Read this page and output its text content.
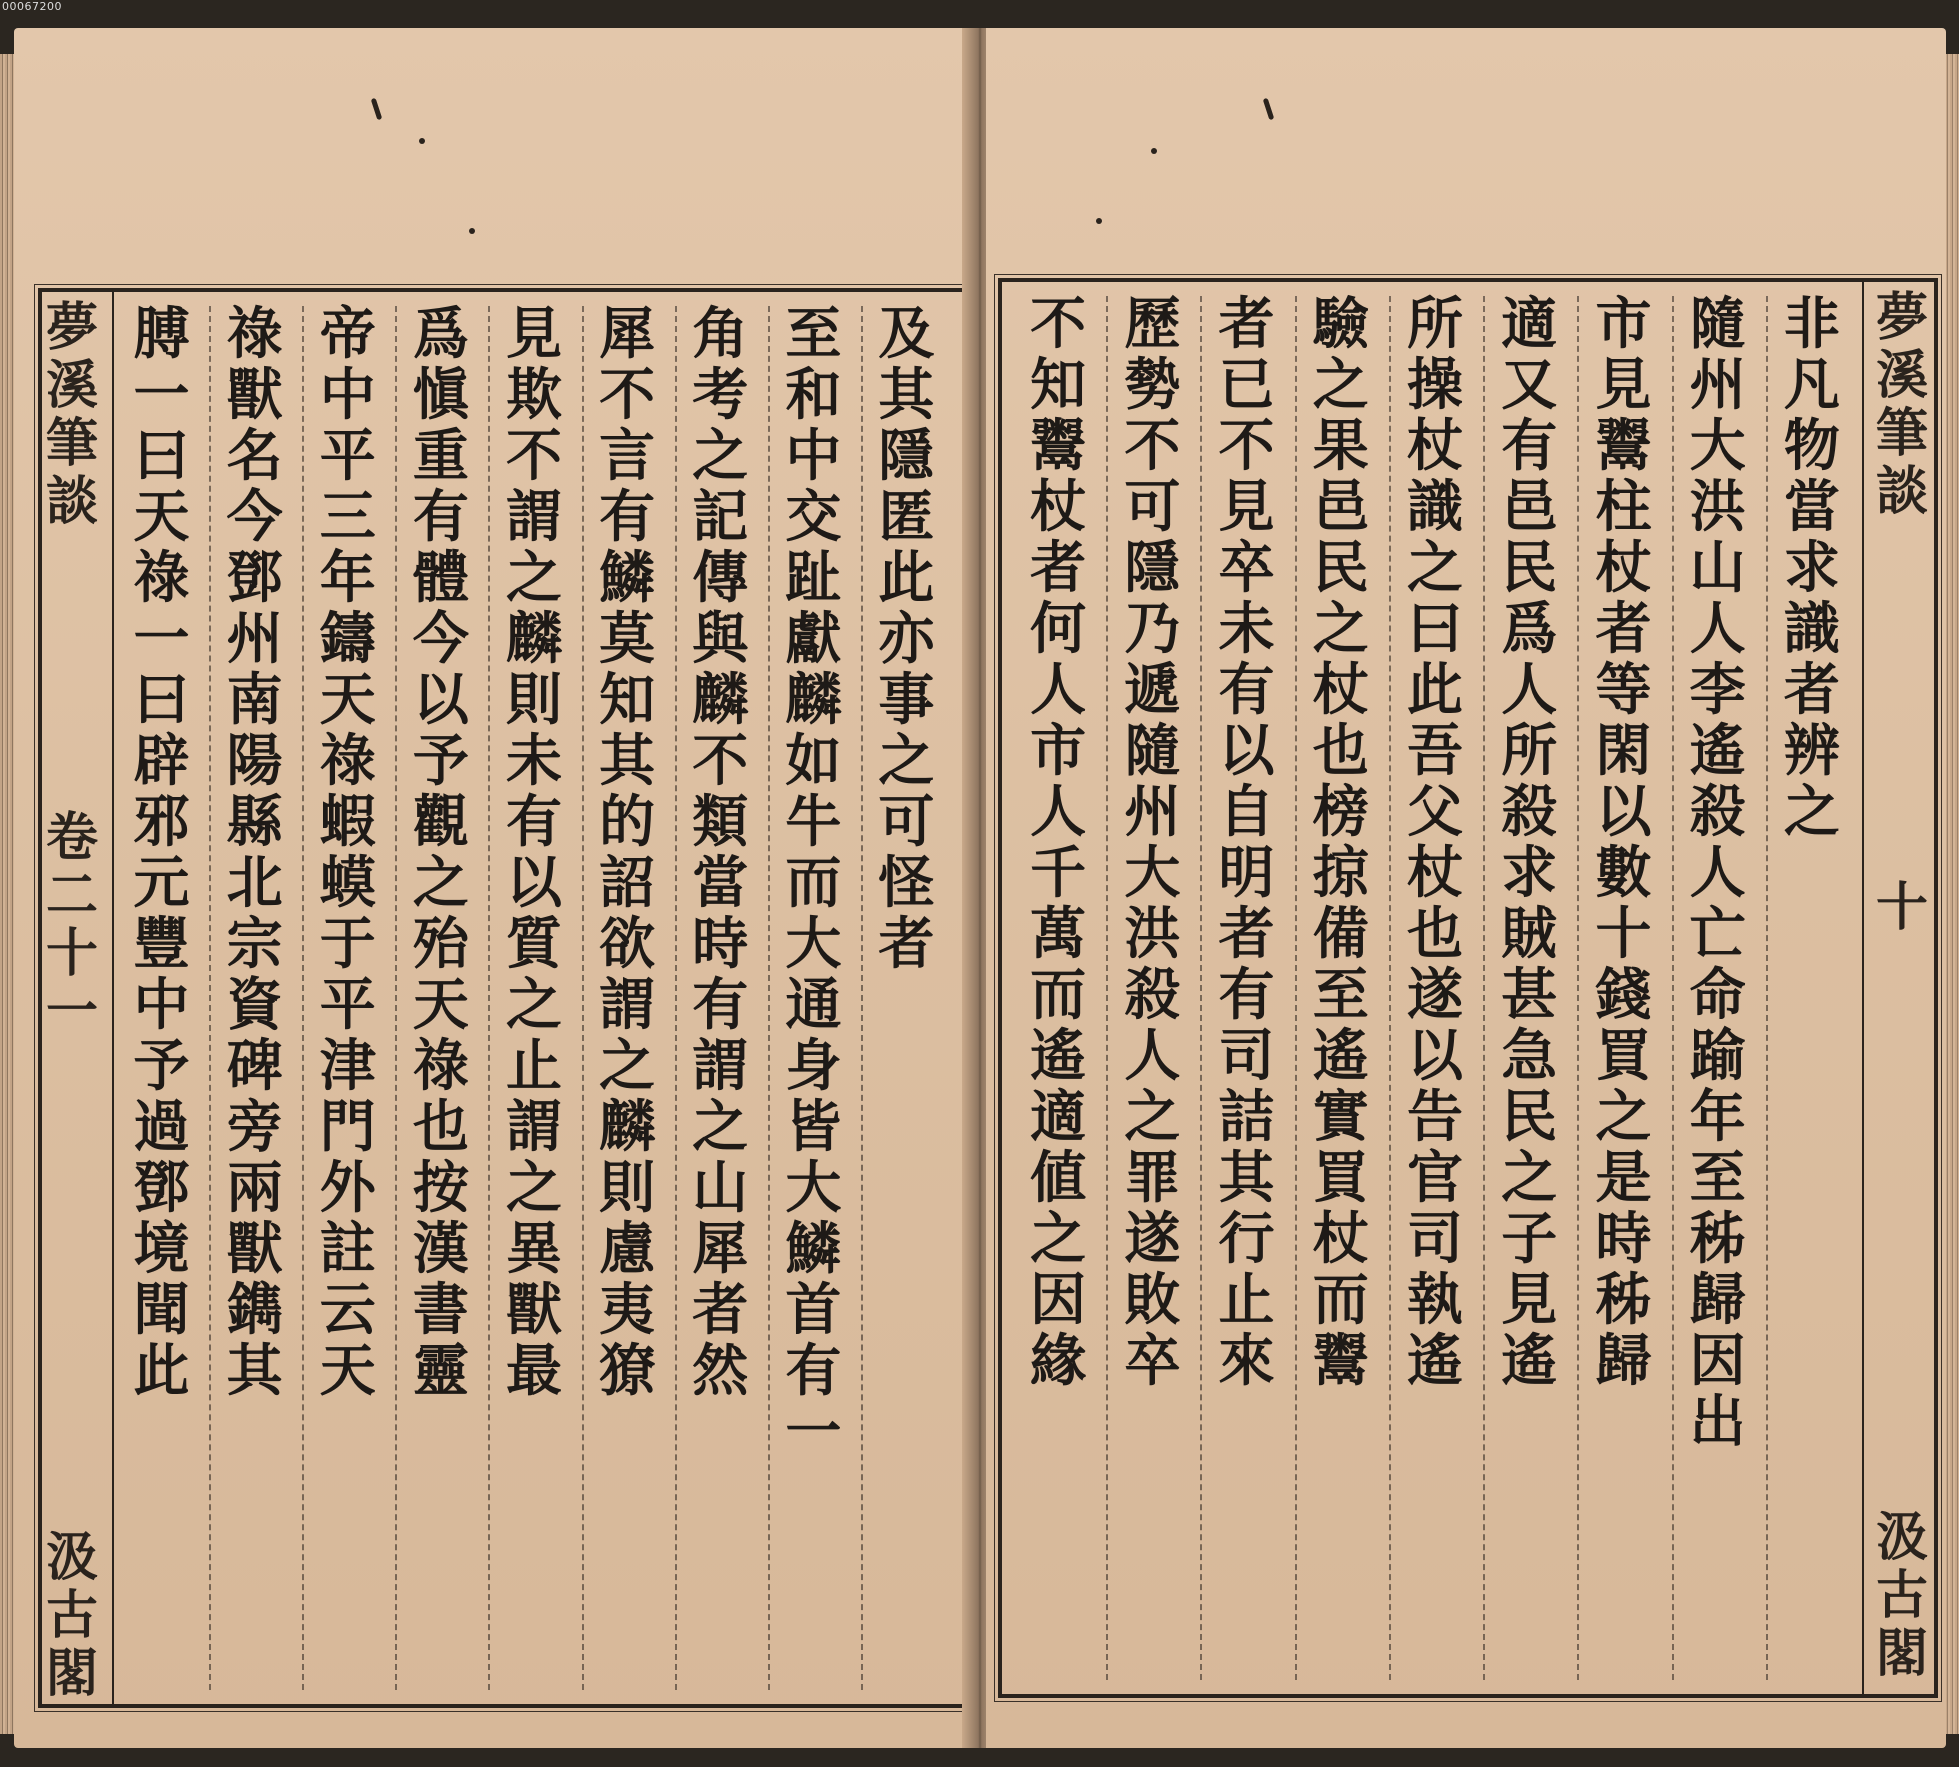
00067200
夢
溪
筆
談
卷
二
十
一
汲
古
閣
及
其
隱
匿
此
亦
事
之
可
怪
者
至
和
中
交
趾
獻
麟
如
牛
而
大
通
身
皆
大
鱗
首
有
一
角
考
之
記
傳
與
麟
不
類
當
時
有
謂
之
山
犀
者
然
犀
不
言
有
鱗
莫
知
其
的
詔
欲
謂
之
麟
則
慮
夷
獠
見
欺
不
謂
之
麟
則
未
有
以
質
之
止
謂
之
異
獸
最
爲
愼
重
有
體
今
以
予
觀
之
殆
天
祿
也
按
漢
書
靈
帝
中
平
三
年
鑄
天
祿
蝦
蟆
于
平
津
門
外
註
云
天
祿
獸
名
今
鄧
州
南
陽
縣
北
宗
資
碑
旁
兩
獸
鐫
其
膊
一
曰
天
祿
一
曰
辟
邪
元
豐
中
予
過
鄧
境
聞
此
非
凡
物
當
求
識
者
辨
之
隨
州
大
洪
山
人
李
遙
殺
人
亡
命
踰
年
至
秭
歸
因
出
市
見
鬻
柱
杖
者
等
閑
以
數
十
錢
買
之
是
時
秭
歸
適
又
有
邑
民
爲
人
所
殺
求
賊
甚
急
民
之
子
見
遙
所
操
杖
識
之
曰
此
吾
父
杖
也
遂
以
告
官
司
執
遙
驗
之
果
邑
民
之
杖
也
榜
掠
備
至
遙
實
買
杖
而
鬻
者
已
不
見
卒
未
有
以
自
明
者
有
司
詰
其
行
止
來
歷
勢
不
可
隱
乃
遞
隨
州
大
洪
殺
人
之
罪
遂
敗
卒
不
知
鬻
杖
者
何
人
市
人
千
萬
而
遙
適
値
之
因
緣
夢
溪
筆
談
十
汲
古
閣
